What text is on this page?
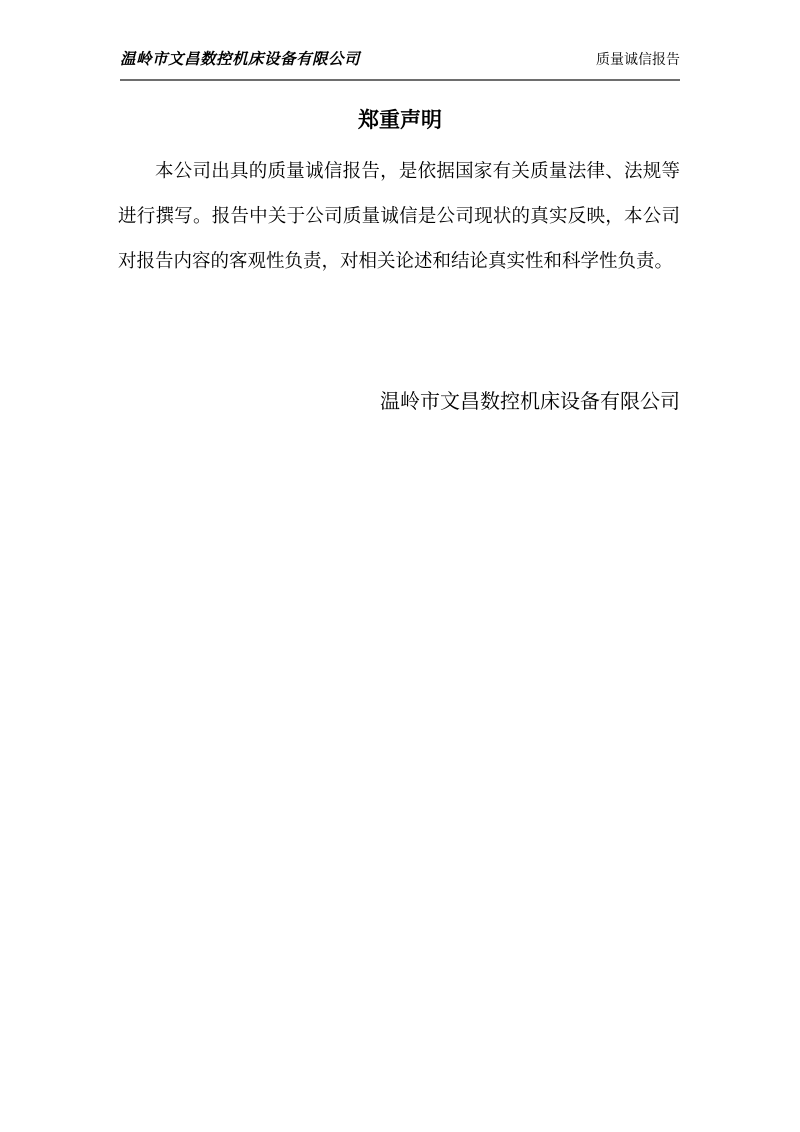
温岭市文昌数控机床设备有限公司	质量诚信报告
郑重声明

本公司出具的质量诚信报告，是依据国家有关质量法律、法规等进行撰写。报告中关于公司质量诚信是公司现状的真实反映，本公司对报告内容的客观性负责，对相关论述和结论真实性和科学性负责。

温岭市文昌数控机床设备有限公司
